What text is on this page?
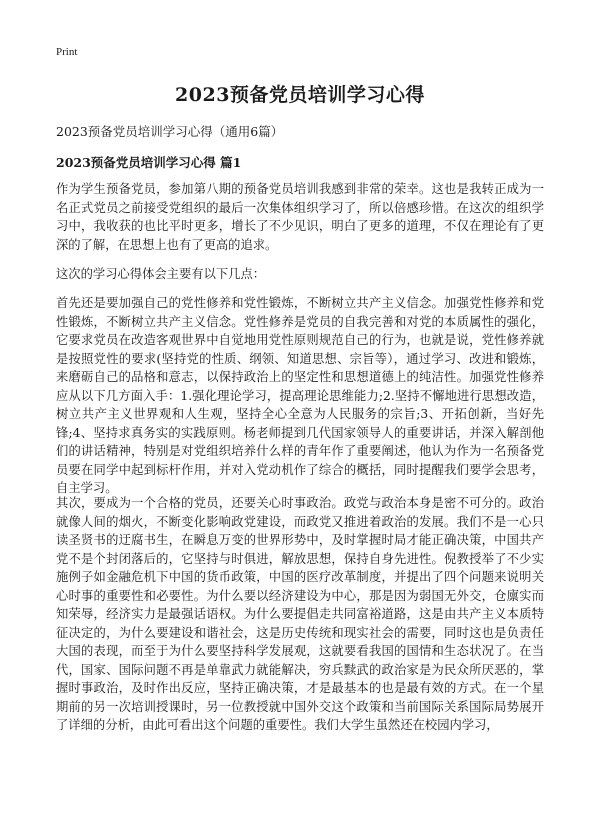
Print
2023预备党员培训学习心得
2023预备党员培训学习心得（通用6篇）
2023预备党员培训学习心得 篇1

作为学生预备党员，参加第八期的预备党员培训我感到非常的荣幸。这也是我转正成为一名正式党员之前接受党组织的最后一次集体组织学习了，所以倍感珍惜。在这次的组织学习中，我收获的也比平时更多，增长了不少见识，明白了更多的道理，不仅在理论有了更深的了解，在思想上也有了更高的追求。

这次的学习心得体会主要有以下几点：

首先还是要加强自己的党性修养和党性锻炼，不断树立共产主义信念。加强党性修养和党性锻炼，不断树立共产主义信念。党性修养是党员的自我完善和对党的本质属性的强化，它要求党员在改造客观世界中自觉地用党性原则规范自己的行为，也就是说，党性修养就是按照党性的要求(坚持党的性质、纲领、知道思想、宗旨等），通过学习、改进和锻炼，来磨砺自己的品格和意志，以保持政治上的坚定性和思想道德上的纯洁性。加强党性修养应从以下几方面入手：1.强化理论学习，提高理论思维能力;2.坚持不懈地进行思想改造，树立共产主义世界观和人生观，坚持全心全意为人民服务的宗旨;3、开拓创新，当好先锋;4、坚持求真务实的实践原则。杨老师提到几代国家领导人的重要讲话，并深入解剖他们的讲话精神，特别是对党组织培养什么样的青年作了重要阐述，他认为作为一名预备党员要在同学中起到标杆作用，并对入党动机作了综合的概括，同时提醒我们要学会思考，自主学习。

其次，要成为一个合格的党员，还要关心时事政治。政党与政治本身是密不可分的。政治就像人间的烟火，不断变化影响政党建设，而政党又推进着政治的发展。我们不是一心只读圣贤书的迂腐书生，在瞬息万变的世界形势中，及时掌握时局才能正确决策，中国共产党不是个封闭落后的，它坚持与时俱进，解放思想，保持自身先进性。倪教授举了不少实施例子如金融危机下中国的货币政策，中国的医疗改革制度，并提出了四个问题来说明关心时事的重要性和必要性。为什么要以经济建设为中心，那是因为弱国无外交，仓廪实而知荣辱，经济实力是最强话语权。为什么要提倡走共同富裕道路，这是由共产主义本质特征决定的，为什么要建设和谐社会，这是历史传统和现实社会的需要，同时这也是负责任大国的表现，而至于为什么要坚持科学发展观，这就要看我国的国情和生态状况了。在当代，国家、国际问题不再是单靠武力就能解决，穷兵黩武的政治家是为民众所厌恶的，掌握时事政治，及时作出反应，坚持正确决策，才是最基本的也是最有效的方式。在一个星期前的另一次培训授课时，另一位教授就中国外交这个政策和当前国际关系国际局势展开了详细的分析，由此可看出这个问题的重要性。我们大学生虽然还在校园内学习，
